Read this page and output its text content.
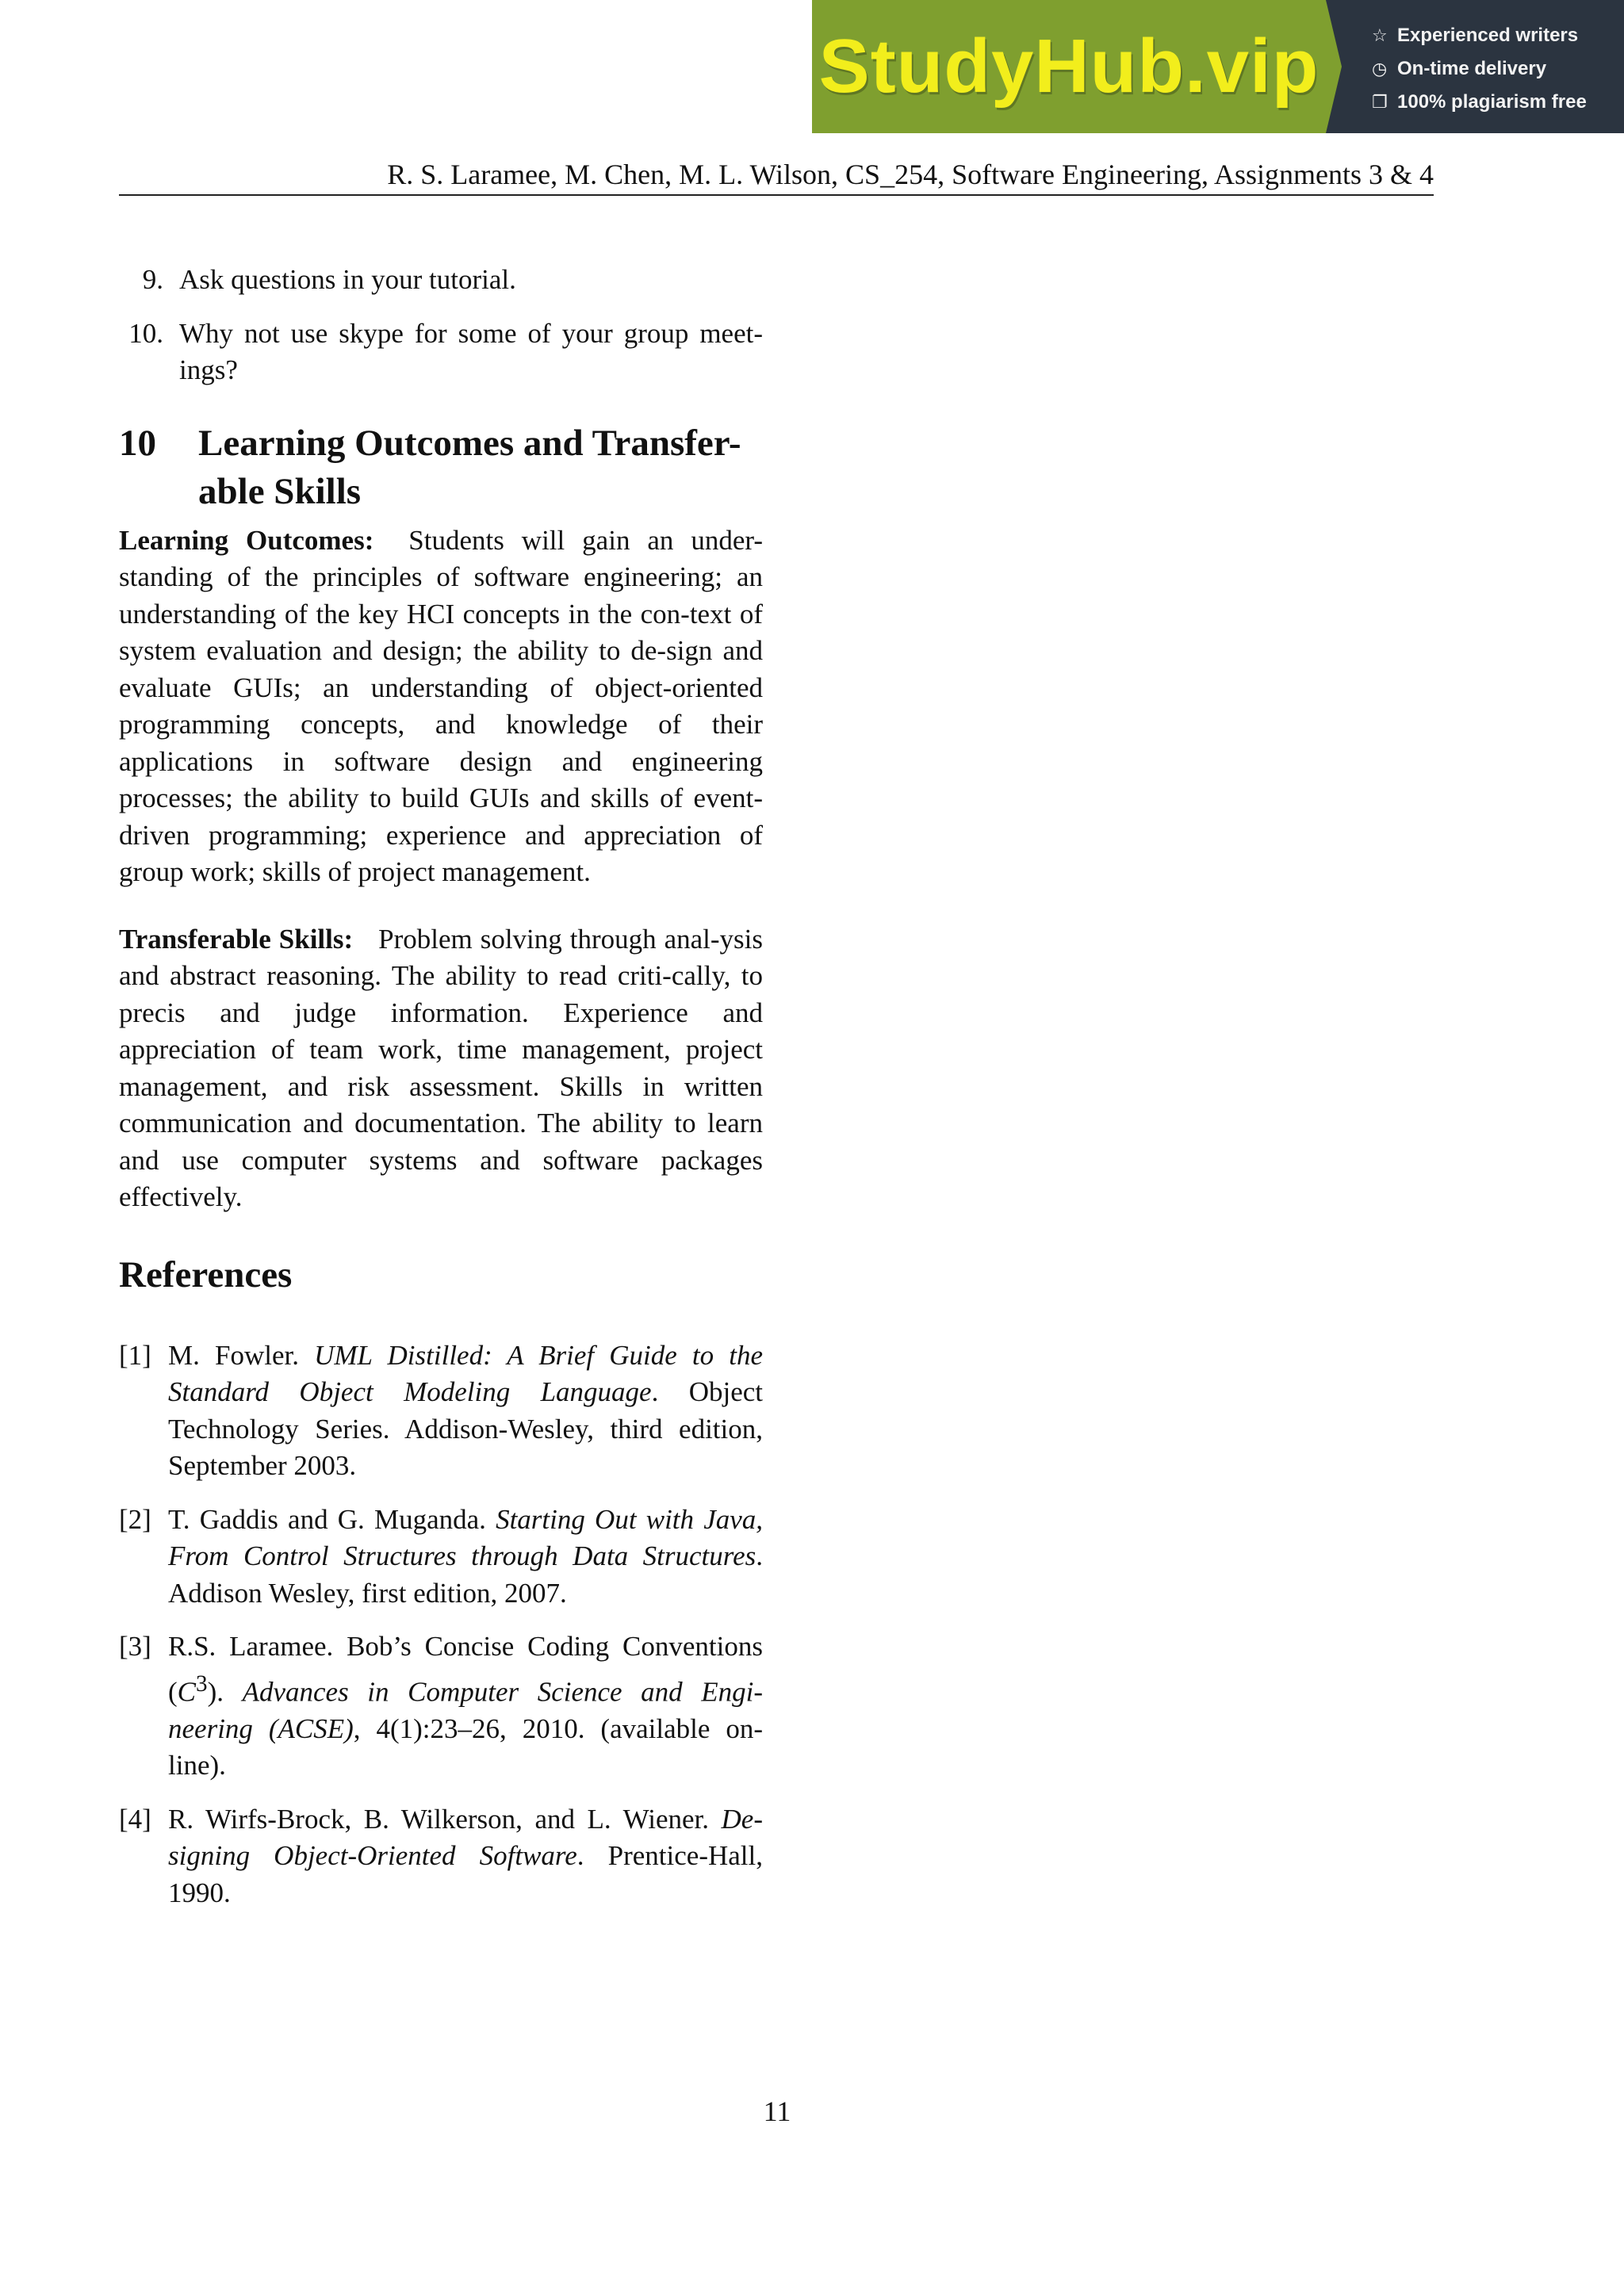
StudyHub.vip	☆ Experienced writers
◷ On-time delivery
❐ 100% plagiarism free
R. S. Laramee, M. Chen, M. L. Wilson, CS_254, Software Engineering, Assignments 3 & 4
9. Ask questions in your tutorial.
10. Why not use skype for some of your group meet-ings?
10 Learning Outcomes and Transfer-able Skills

Learning Outcomes: Students will gain an under-standing of the principles of software engineering; an understanding of the key HCI concepts in the con-text of system evaluation and design; the ability to de-sign and evaluate GUIs; an understanding of object-oriented programming concepts, and knowledge of their applications in software design and engineering processes; the ability to build GUIs and skills of event-driven programming; experience and appreciation of group work; skills of project management.

Transferable Skills: Problem solving through anal-ysis and abstract reasoning. The ability to read criti-cally, to precis and judge information. Experience and appreciation of team work, time management, project management, and risk assessment. Skills in written communication and documentation. The ability to learn and use computer systems and software packages effectively.

References
[1] M. Fowler. UML Distilled: A Brief Guide to the Standard Object Modeling Language. Object Technology Series. Addison-Wesley, third edition, September 2003.
[2] T. Gaddis and G. Muganda. Starting Out with Java, From Control Structures through Data Structures. Addison Wesley, first edition, 2007.
[3] R.S. Laramee. Bob’s Concise Coding Conventions $(C^3)$. Advances in Computer Science and Engi-neering (ACSE), 4(1):23–26, 2010. (available on-line).
[4] R. Wirfs-Brock, B. Wilkerson, and L. Wiener. De-signing Object-Oriented Software. Prentice-Hall, 1990.
11
